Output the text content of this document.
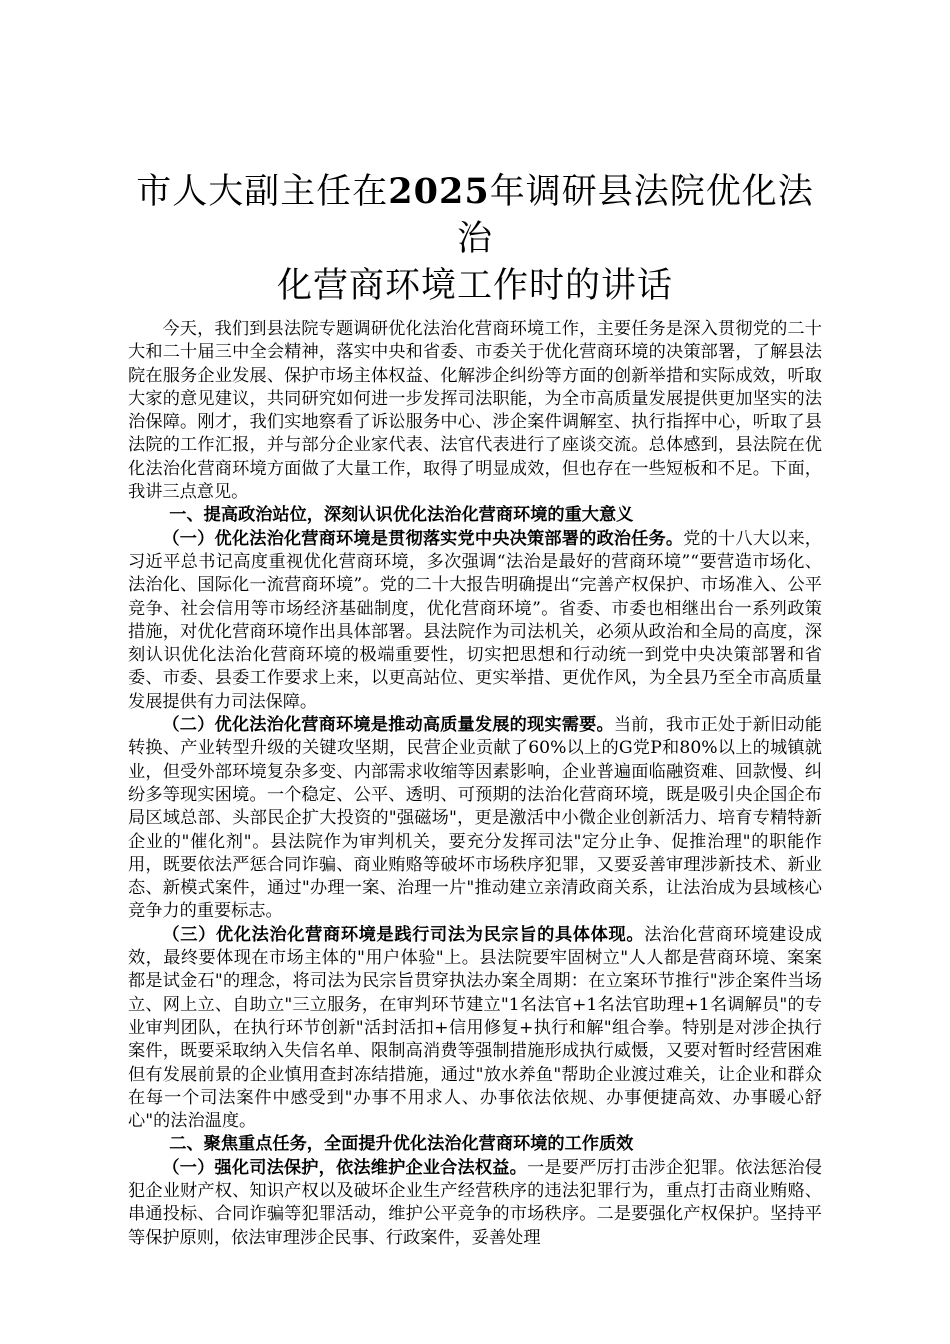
市人大副主任在2025年调研县法院优化法治
化营商环境工作时的讲话

今天，我们到县法院专题调研优化法治化营商环境工作，主要任务是深入贯彻党的二十大和二十届三中全会精神，落实中央和省委、市委关于优化营商环境的决策部署，了解县法院在服务企业发展、保护市场主体权益、化解涉企纠纷等方面的创新举措和实际成效，听取大家的意见建议，共同研究如何进一步发挥司法职能，为全市高质量发展提供更加坚实的法治保障。刚才，我们实地察看了诉讼服务中心、涉企案件调解室、执行指挥中心，听取了县法院的工作汇报，并与部分企业家代表、法官代表进行了座谈交流。总体感到，县法院在优化法治化营商环境方面做了大量工作，取得了明显成效，但也存在一些短板和不足。下面，我讲三点意见。

一、提高政治站位，深刻认识优化法治化营商环境的重大意义

（一）优化法治化营商环境是贯彻落实党中央决策部署的政治任务。党的十八大以来，习近平总书记高度重视优化营商环境，多次强调“法治是最好的营商环境”“要营造市场化、法治化、国际化一流营商环境”。党的二十大报告明确提出“完善产权保护、市场准入、公平竞争、社会信用等市场经济基础制度，优化营商环境”。省委、市委也相继出台一系列政策措施，对优化营商环境作出具体部署。县法院作为司法机关，必须从政治和全局的高度，深刻认识优化法治化营商环境的极端重要性，切实把思想和行动统一到党中央决策部署和省委、市委、县委工作要求上来，以更高站位、更实举措、更优作风，为全县乃至全市高质量发展提供有力司法保障。

（二）优化法治化营商环境是推动高质量发展的现实需要。当前，我市正处于新旧动能转换、产业转型升级的关键攻坚期，民营企业贡献了60%以上的G党P和80%以上的城镇就业，但受外部环境复杂多变、内部需求收缩等因素影响，企业普遍面临融资难、回款慢、纠纷多等现实困境。一个稳定、公平、透明、可预期的法治化营商环境，既是吸引央企国企布局区域总部、头部民企扩大投资的"强磁场"，更是激活中小微企业创新活力、培育专精特新企业的"催化剂"。县法院作为审判机关，要充分发挥司法"定分止争、促推治理"的职能作用，既要依法严惩合同诈骗、商业贿赂等破坏市场秩序犯罪，又要妥善审理涉新技术、新业态、新模式案件，通过"办理一案、治理一片"推动建立亲清政商关系，让法治成为县域核心竞争力的重要标志。

（三）优化法治化营商环境是践行司法为民宗旨的具体体现。法治化营商环境建设成效，最终要体现在市场主体的"用户体验"上。县法院要牢固树立"人人都是营商环境、案案都是试金石"的理念，将司法为民宗旨贯穿执法办案全周期：在立案环节推行"涉企案件当场立、网上立、自助立"三立服务，在审判环节建立"1名法官+1名法官助理+1名调解员"的专业审判团队，在执行环节创新"活封活扣+信用修复+执行和解"组合拳。特别是对涉企执行案件，既要采取纳入失信名单、限制高消费等强制措施形成执行威慑，又要对暂时经营困难但有发展前景的企业慎用查封冻结措施，通过"放水养鱼"帮助企业渡过难关，让企业和群众在每一个司法案件中感受到"办事不用求人、办事依法依规、办事便捷高效、办事暖心舒心"的法治温度。

二、聚焦重点任务，全面提升优化法治化营商环境的工作质效

（一）强化司法保护，依法维护企业合法权益。一是要严厉打击涉企犯罪。依法惩治侵犯企业财产权、知识产权以及破坏企业生产经营秩序的违法犯罪行为，重点打击商业贿赂、串通投标、合同诈骗等犯罪活动，维护公平竞争的市场秩序。二是要强化产权保护。坚持平等保护原则，依法审理涉企民事、行政案件，妥善处理
